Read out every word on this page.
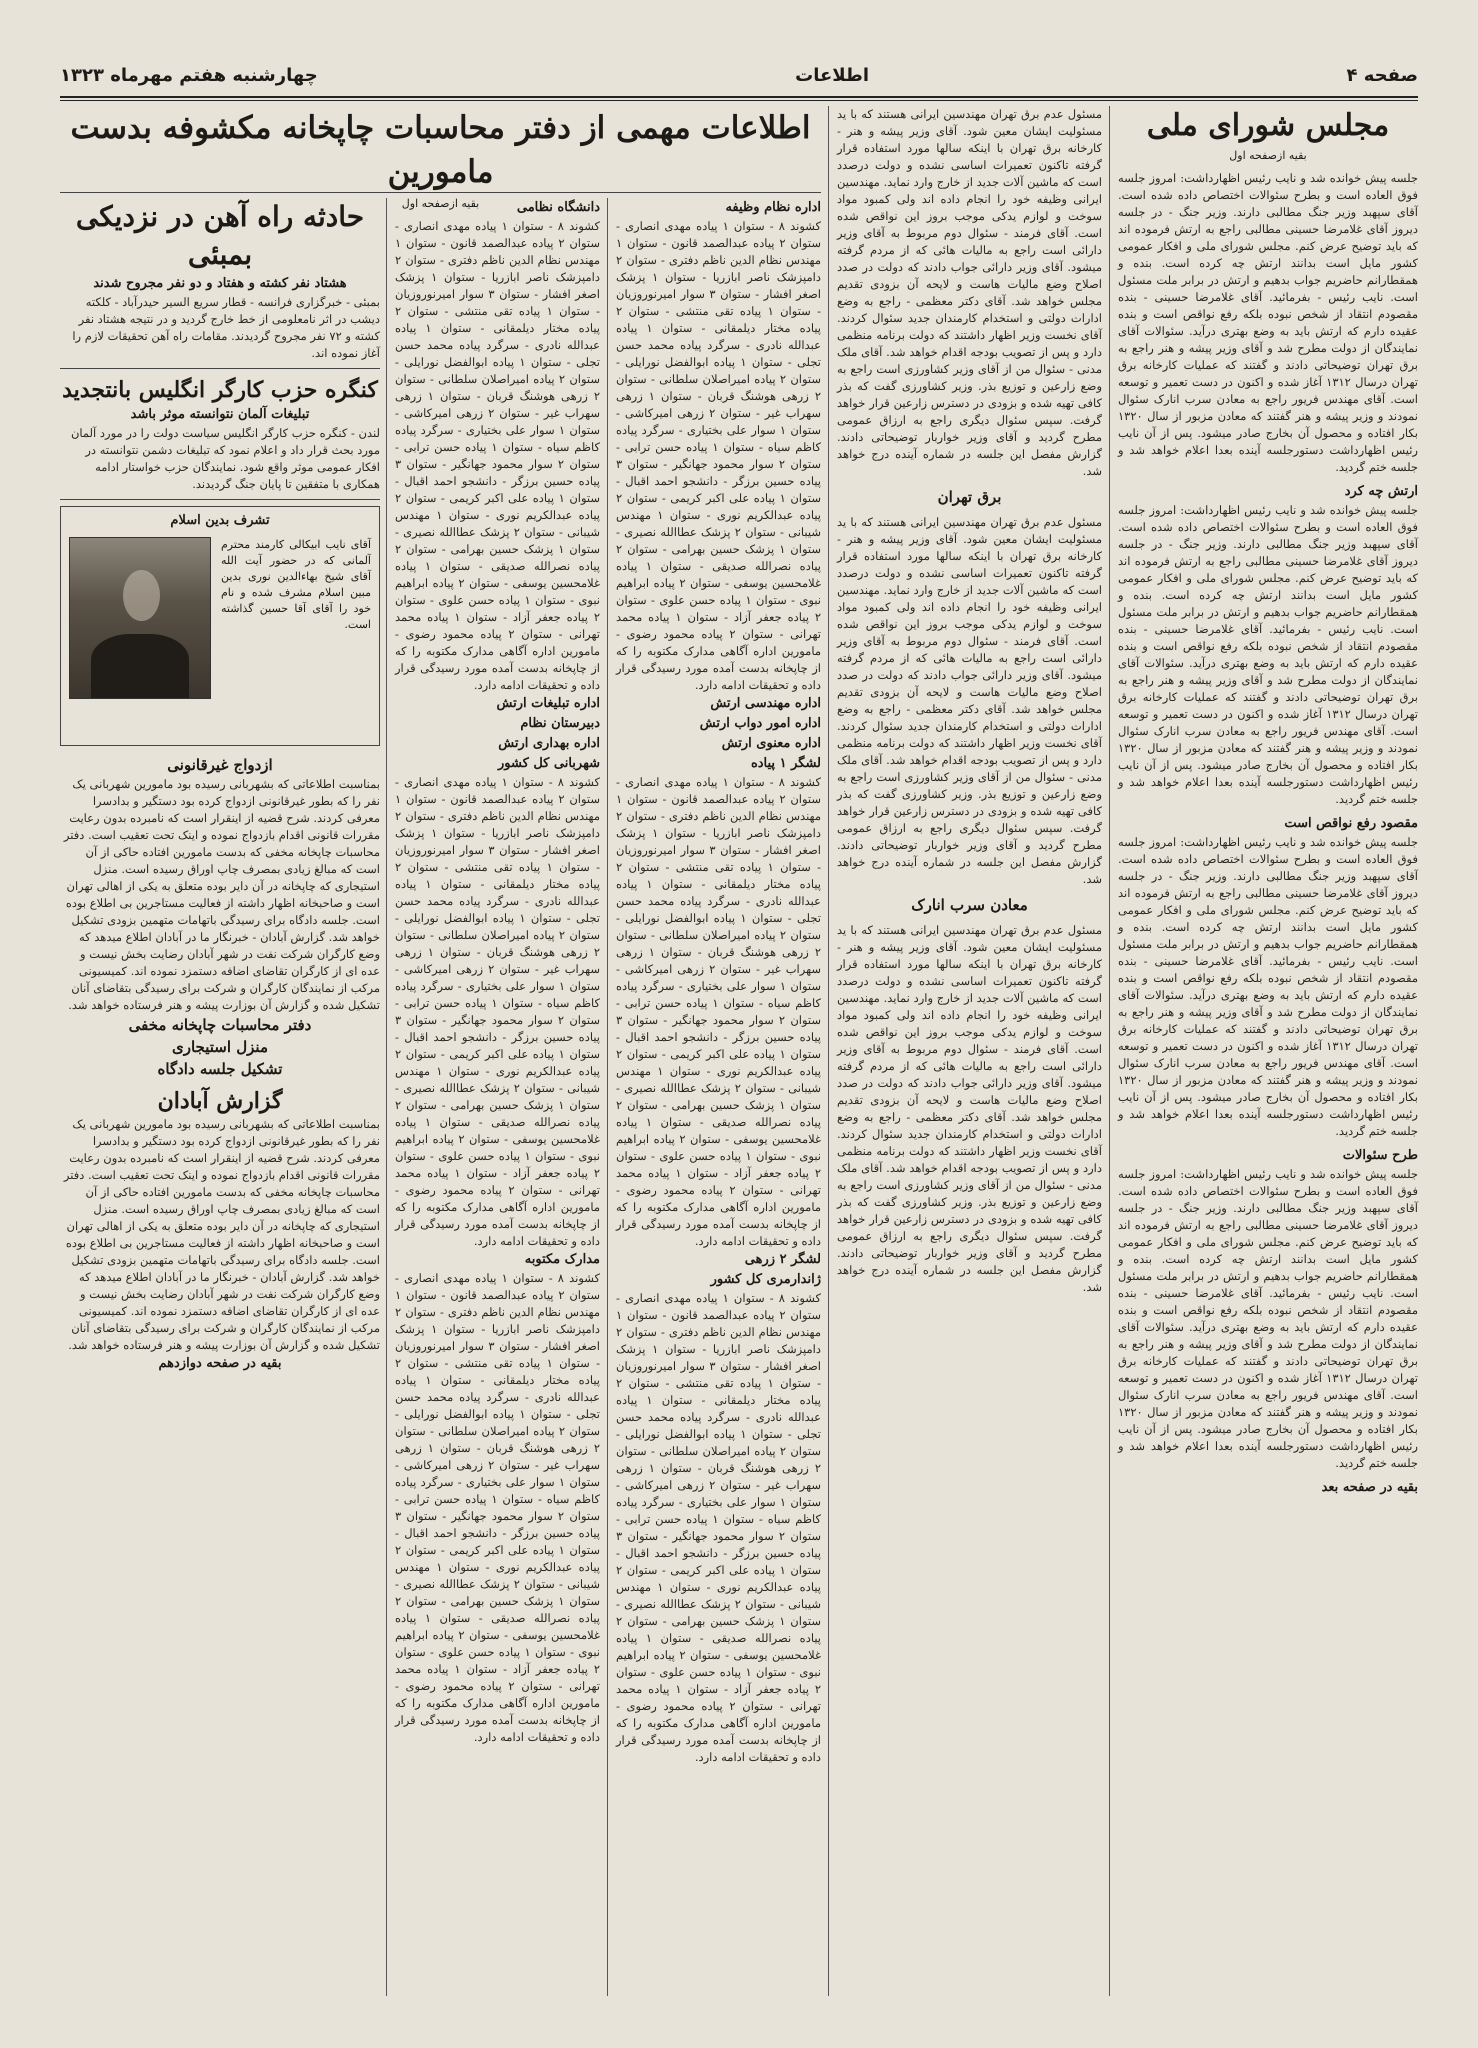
صفحه ۴
اطلاعات
چهارشنبه هفتم مهرماه ۱۳۲۳
مجلس شورای ملی
بقیه ازصفحه اول
جلسه پیش خوانده شد و نایب رئیس اظهارداشت: امروز جلسه فوق العاده است و بطرح سئوالات اختصاص داده شده است. آقای سپهبد وزیر جنگ مطالبی دارند. وزیر جنگ - در جلسه دیروز آقای غلامرضا حسینی مطالبی راجع به ارتش فرموده اند که باید توضیح عرض کنم. مجلس شورای ملی و افکار عمومی کشور مایل است بدانند ارتش چه کرده است. بنده و همقطارانم حاضریم جواب بدهیم و ارتش در برابر ملت مسئول است. نایب رئیس - بفرمائید. آقای غلامرضا حسینی - بنده مقصودم انتقاد از شخص نبوده بلکه رفع نواقص است و بنده عقیده دارم که ارتش باید به وضع بهتری درآید. سئوالات آقای نمایندگان از دولت مطرح شد و آقای وزیر پیشه و هنر راجع به برق تهران توضیحاتی دادند و گفتند که عملیات کارخانه برق تهران درسال ۱۳۱۲ آغاز شده و اکنون در دست تعمیر و توسعه است. آقای مهندس فریور راجع به معادن سرب انارک سئوال نمودند و وزیر پیشه و هنر گفتند که معادن مزبور از سال ۱۳۲۰ بکار افتاده و محصول آن بخارج صادر میشود. پس از آن نایب رئیس اظهارداشت دستورجلسه آینده بعدا اعلام خواهد شد و جلسه ختم گردید.
ارتش چه کرد
جلسه پیش خوانده شد و نایب رئیس اظهارداشت: امروز جلسه فوق العاده است و بطرح سئوالات اختصاص داده شده است. آقای سپهبد وزیر جنگ مطالبی دارند. وزیر جنگ - در جلسه دیروز آقای غلامرضا حسینی مطالبی راجع به ارتش فرموده اند که باید توضیح عرض کنم. مجلس شورای ملی و افکار عمومی کشور مایل است بدانند ارتش چه کرده است. بنده و همقطارانم حاضریم جواب بدهیم و ارتش در برابر ملت مسئول است. نایب رئیس - بفرمائید. آقای غلامرضا حسینی - بنده مقصودم انتقاد از شخص نبوده بلکه رفع نواقص است و بنده عقیده دارم که ارتش باید به وضع بهتری درآید. سئوالات آقای نمایندگان از دولت مطرح شد و آقای وزیر پیشه و هنر راجع به برق تهران توضیحاتی دادند و گفتند که عملیات کارخانه برق تهران درسال ۱۳۱۲ آغاز شده و اکنون در دست تعمیر و توسعه است. آقای مهندس فریور راجع به معادن سرب انارک سئوال نمودند و وزیر پیشه و هنر گفتند که معادن مزبور از سال ۱۳۲۰ بکار افتاده و محصول آن بخارج صادر میشود. پس از آن نایب رئیس اظهارداشت دستورجلسه آینده بعدا اعلام خواهد شد و جلسه ختم گردید.
مقصود رفع نواقص است
جلسه پیش خوانده شد و نایب رئیس اظهارداشت: امروز جلسه فوق العاده است و بطرح سئوالات اختصاص داده شده است. آقای سپهبد وزیر جنگ مطالبی دارند. وزیر جنگ - در جلسه دیروز آقای غلامرضا حسینی مطالبی راجع به ارتش فرموده اند که باید توضیح عرض کنم. مجلس شورای ملی و افکار عمومی کشور مایل است بدانند ارتش چه کرده است. بنده و همقطارانم حاضریم جواب بدهیم و ارتش در برابر ملت مسئول است. نایب رئیس - بفرمائید. آقای غلامرضا حسینی - بنده مقصودم انتقاد از شخص نبوده بلکه رفع نواقص است و بنده عقیده دارم که ارتش باید به وضع بهتری درآید. سئوالات آقای نمایندگان از دولت مطرح شد و آقای وزیر پیشه و هنر راجع به برق تهران توضیحاتی دادند و گفتند که عملیات کارخانه برق تهران درسال ۱۳۱۲ آغاز شده و اکنون در دست تعمیر و توسعه است. آقای مهندس فریور راجع به معادن سرب انارک سئوال نمودند و وزیر پیشه و هنر گفتند که معادن مزبور از سال ۱۳۲۰ بکار افتاده و محصول آن بخارج صادر میشود. پس از آن نایب رئیس اظهارداشت دستورجلسه آینده بعدا اعلام خواهد شد و جلسه ختم گردید.
طرح سئوالات
جلسه پیش خوانده شد و نایب رئیس اظهارداشت: امروز جلسه فوق العاده است و بطرح سئوالات اختصاص داده شده است. آقای سپهبد وزیر جنگ مطالبی دارند. وزیر جنگ - در جلسه دیروز آقای غلامرضا حسینی مطالبی راجع به ارتش فرموده اند که باید توضیح عرض کنم. مجلس شورای ملی و افکار عمومی کشور مایل است بدانند ارتش چه کرده است. بنده و همقطارانم حاضریم جواب بدهیم و ارتش در برابر ملت مسئول است. نایب رئیس - بفرمائید. آقای غلامرضا حسینی - بنده مقصودم انتقاد از شخص نبوده بلکه رفع نواقص است و بنده عقیده دارم که ارتش باید به وضع بهتری درآید. سئوالات آقای نمایندگان از دولت مطرح شد و آقای وزیر پیشه و هنر راجع به برق تهران توضیحاتی دادند و گفتند که عملیات کارخانه برق تهران درسال ۱۳۱۲ آغاز شده و اکنون در دست تعمیر و توسعه است. آقای مهندس فریور راجع به معادن سرب انارک سئوال نمودند و وزیر پیشه و هنر گفتند که معادن مزبور از سال ۱۳۲۰ بکار افتاده و محصول آن بخارج صادر میشود. پس از آن نایب رئیس اظهارداشت دستورجلسه آینده بعدا اعلام خواهد شد و جلسه ختم گردید.
بقیه در صفحه بعد
مسئول عدم برق تهران مهندسین ایرانی هستند که با ید مسئولیت ایشان معین شود. آقای وزیر پیشه و هنر - کارخانه برق تهران با اینکه سالها مورد استفاده قرار گرفته تاکنون تعمیرات اساسی نشده و دولت درصدد است که ماشین آلات جدید از خارج وارد نماید. مهندسین ایرانی وظیفه خود را انجام داده اند ولی کمبود مواد سوخت و لوازم یدکی موجب بروز این نواقص شده است. آقای فرمند - سئوال دوم مربوط به آقای وزیر دارائی است راجع به مالیات هائی که از مردم گرفته میشود. آقای وزیر دارائی جواب دادند که دولت در صدد اصلاح وضع مالیات هاست و لایحه آن بزودی تقدیم مجلس خواهد شد. آقای دکتر معظمی - راجع به وضع ادارات دولتی و استخدام کارمندان جدید سئوال کردند. آقای نخست وزیر اظهار داشتند که دولت برنامه منظمی دارد و پس از تصویب بودجه اقدام خواهد شد. آقای ملک مدنی - سئوال من از آقای وزیر کشاورزی است راجع به وضع زارعین و توزیع بذر. وزیر کشاورزی گفت که بذر کافی تهیه شده و بزودی در دسترس زارعین قرار خواهد گرفت. سپس سئوال دیگری راجع به ارزاق عمومی مطرح گردید و آقای وزیر خواربار توضیحاتی دادند. گزارش مفصل این جلسه در شماره آینده درج خواهد شد.
برق تهران
مسئول عدم برق تهران مهندسین ایرانی هستند که با ید مسئولیت ایشان معین شود. آقای وزیر پیشه و هنر - کارخانه برق تهران با اینکه سالها مورد استفاده قرار گرفته تاکنون تعمیرات اساسی نشده و دولت درصدد است که ماشین آلات جدید از خارج وارد نماید. مهندسین ایرانی وظیفه خود را انجام داده اند ولی کمبود مواد سوخت و لوازم یدکی موجب بروز این نواقص شده است. آقای فرمند - سئوال دوم مربوط به آقای وزیر دارائی است راجع به مالیات هائی که از مردم گرفته میشود. آقای وزیر دارائی جواب دادند که دولت در صدد اصلاح وضع مالیات هاست و لایحه آن بزودی تقدیم مجلس خواهد شد. آقای دکتر معظمی - راجع به وضع ادارات دولتی و استخدام کارمندان جدید سئوال کردند. آقای نخست وزیر اظهار داشتند که دولت برنامه منظمی دارد و پس از تصویب بودجه اقدام خواهد شد. آقای ملک مدنی - سئوال من از آقای وزیر کشاورزی است راجع به وضع زارعین و توزیع بذر. وزیر کشاورزی گفت که بذر کافی تهیه شده و بزودی در دسترس زارعین قرار خواهد گرفت. سپس سئوال دیگری راجع به ارزاق عمومی مطرح گردید و آقای وزیر خواربار توضیحاتی دادند. گزارش مفصل این جلسه در شماره آینده درج خواهد شد.
معادن سرب انارک
مسئول عدم برق تهران مهندسین ایرانی هستند که با ید مسئولیت ایشان معین شود. آقای وزیر پیشه و هنر - کارخانه برق تهران با اینکه سالها مورد استفاده قرار گرفته تاکنون تعمیرات اساسی نشده و دولت درصدد است که ماشین آلات جدید از خارج وارد نماید. مهندسین ایرانی وظیفه خود را انجام داده اند ولی کمبود مواد سوخت و لوازم یدکی موجب بروز این نواقص شده است. آقای فرمند - سئوال دوم مربوط به آقای وزیر دارائی است راجع به مالیات هائی که از مردم گرفته میشود. آقای وزیر دارائی جواب دادند که دولت در صدد اصلاح وضع مالیات هاست و لایحه آن بزودی تقدیم مجلس خواهد شد. آقای دکتر معظمی - راجع به وضع ادارات دولتی و استخدام کارمندان جدید سئوال کردند. آقای نخست وزیر اظهار داشتند که دولت برنامه منظمی دارد و پس از تصویب بودجه اقدام خواهد شد. آقای ملک مدنی - سئوال من از آقای وزیر کشاورزی است راجع به وضع زارعین و توزیع بذر. وزیر کشاورزی گفت که بذر کافی تهیه شده و بزودی در دسترس زارعین قرار خواهد گرفت. سپس سئوال دیگری راجع به ارزاق عمومی مطرح گردید و آقای وزیر خواربار توضیحاتی دادند. گزارش مفصل این جلسه در شماره آینده درج خواهد شد.
اطلاعات مهمی از دفتر محاسبات چاپخانه مکشوفه بدست مامورین
بقیه ازصفحه اول	اداره نظام وظیفه
کشوند ۸ - ستوان ۱ پیاده مهدی انصاری - ستوان ۲ پیاده عبدالصمد قانون - ستوان ۱ مهندس نظام الدین ناظم دفتری - ستوان ۲ دامپزشک ناصر ابازریا - ستوان ۱ پزشک اصغر افشار - ستوان ۳ سوار امیرنوروزیان - ستوان ۱ پیاده تقی منتشی - ستوان ۲ پیاده مختار دیلمقانی - ستوان ۱ پیاده عبدالله نادری - سرگرد پیاده محمد حسن تجلی - ستوان ۱ پیاده ابوالفضل نورایلی - ستوان ۲ پیاده امیراصلان سلطانی - ستوان ۲ زرهی هوشنگ قربان - ستوان ۱ زرهی سهراب غیر - ستوان ۲ زرهی امیرکاشی - ستوان ۱ سوار علی بختیاری - سرگرد پیاده کاظم سیاه - ستوان ۱ پیاده حسن ترابی - ستوان ۲ سوار محمود جهانگیر - ستوان ۳ پیاده حسین برزگر - دانشجو احمد اقبال - ستوان ۱ پیاده علی اکبر کریمی - ستوان ۲ پیاده عبدالکریم نوری - ستوان ۱ مهندس شیبانی - ستوان ۲ پزشک عطاالله نصیری - ستوان ۱ پزشک حسین بهرامی - ستوان ۲ پیاده نصرالله صدیقی - ستوان ۱ پیاده غلامحسین یوسفی - ستوان ۲ پیاده ابراهیم نبوی - ستوان ۱ پیاده حسن علوی - ستوان ۲ پیاده جعفر آزاد - ستوان ۱ پیاده محمد تهرانی - ستوان ۲ پیاده محمود رضوی - مامورین اداره آگاهی مدارک مکتوبه را که از چاپخانه بدست آمده مورد رسیدگی قرار داده و تحقیقات ادامه دارد.
اداره مهندسی ارتش
اداره امور دواب ارتش
اداره معنوی ارتش
لشگر ۱ پیاده
کشوند ۸ - ستوان ۱ پیاده مهدی انصاری - ستوان ۲ پیاده عبدالصمد قانون - ستوان ۱ مهندس نظام الدین ناظم دفتری - ستوان ۲ دامپزشک ناصر ابازریا - ستوان ۱ پزشک اصغر افشار - ستوان ۳ سوار امیرنوروزیان - ستوان ۱ پیاده تقی منتشی - ستوان ۲ پیاده مختار دیلمقانی - ستوان ۱ پیاده عبدالله نادری - سرگرد پیاده محمد حسن تجلی - ستوان ۱ پیاده ابوالفضل نورایلی - ستوان ۲ پیاده امیراصلان سلطانی - ستوان ۲ زرهی هوشنگ قربان - ستوان ۱ زرهی سهراب غیر - ستوان ۲ زرهی امیرکاشی - ستوان ۱ سوار علی بختیاری - سرگرد پیاده کاظم سیاه - ستوان ۱ پیاده حسن ترابی - ستوان ۲ سوار محمود جهانگیر - ستوان ۳ پیاده حسین برزگر - دانشجو احمد اقبال - ستوان ۱ پیاده علی اکبر کریمی - ستوان ۲ پیاده عبدالکریم نوری - ستوان ۱ مهندس شیبانی - ستوان ۲ پزشک عطاالله نصیری - ستوان ۱ پزشک حسین بهرامی - ستوان ۲ پیاده نصرالله صدیقی - ستوان ۱ پیاده غلامحسین یوسفی - ستوان ۲ پیاده ابراهیم نبوی - ستوان ۱ پیاده حسن علوی - ستوان ۲ پیاده جعفر آزاد - ستوان ۱ پیاده محمد تهرانی - ستوان ۲ پیاده محمود رضوی - مامورین اداره آگاهی مدارک مکتوبه را که از چاپخانه بدست آمده مورد رسیدگی قرار داده و تحقیقات ادامه دارد.
لشگر ۲ زرهی
ژاندارمری کل کشور
کشوند ۸ - ستوان ۱ پیاده مهدی انصاری - ستوان ۲ پیاده عبدالصمد قانون - ستوان ۱ مهندس نظام الدین ناظم دفتری - ستوان ۲ دامپزشک ناصر ابازریا - ستوان ۱ پزشک اصغر افشار - ستوان ۳ سوار امیرنوروزیان - ستوان ۱ پیاده تقی منتشی - ستوان ۲ پیاده مختار دیلمقانی - ستوان ۱ پیاده عبدالله نادری - سرگرد پیاده محمد حسن تجلی - ستوان ۱ پیاده ابوالفضل نورایلی - ستوان ۲ پیاده امیراصلان سلطانی - ستوان ۲ زرهی هوشنگ قربان - ستوان ۱ زرهی سهراب غیر - ستوان ۲ زرهی امیرکاشی - ستوان ۱ سوار علی بختیاری - سرگرد پیاده کاظم سیاه - ستوان ۱ پیاده حسن ترابی - ستوان ۲ سوار محمود جهانگیر - ستوان ۳ پیاده حسین برزگر - دانشجو احمد اقبال - ستوان ۱ پیاده علی اکبر کریمی - ستوان ۲ پیاده عبدالکریم نوری - ستوان ۱ مهندس شیبانی - ستوان ۲ پزشک عطاالله نصیری - ستوان ۱ پزشک حسین بهرامی - ستوان ۲ پیاده نصرالله صدیقی - ستوان ۱ پیاده غلامحسین یوسفی - ستوان ۲ پیاده ابراهیم نبوی - ستوان ۱ پیاده حسن علوی - ستوان ۲ پیاده جعفر آزاد - ستوان ۱ پیاده محمد تهرانی - ستوان ۲ پیاده محمود رضوی - مامورین اداره آگاهی مدارک مکتوبه را که از چاپخانه بدست آمده مورد رسیدگی قرار داده و تحقیقات ادامه دارد.
دانشگاه نظامی
کشوند ۸ - ستوان ۱ پیاده مهدی انصاری - ستوان ۲ پیاده عبدالصمد قانون - ستوان ۱ مهندس نظام الدین ناظم دفتری - ستوان ۲ دامپزشک ناصر ابازریا - ستوان ۱ پزشک اصغر افشار - ستوان ۳ سوار امیرنوروزیان - ستوان ۱ پیاده تقی منتشی - ستوان ۲ پیاده مختار دیلمقانی - ستوان ۱ پیاده عبدالله نادری - سرگرد پیاده محمد حسن تجلی - ستوان ۱ پیاده ابوالفضل نورایلی - ستوان ۲ پیاده امیراصلان سلطانی - ستوان ۲ زرهی هوشنگ قربان - ستوان ۱ زرهی سهراب غیر - ستوان ۲ زرهی امیرکاشی - ستوان ۱ سوار علی بختیاری - سرگرد پیاده کاظم سیاه - ستوان ۱ پیاده حسن ترابی - ستوان ۲ سوار محمود جهانگیر - ستوان ۳ پیاده حسین برزگر - دانشجو احمد اقبال - ستوان ۱ پیاده علی اکبر کریمی - ستوان ۲ پیاده عبدالکریم نوری - ستوان ۱ مهندس شیبانی - ستوان ۲ پزشک عطاالله نصیری - ستوان ۱ پزشک حسین بهرامی - ستوان ۲ پیاده نصرالله صدیقی - ستوان ۱ پیاده غلامحسین یوسفی - ستوان ۲ پیاده ابراهیم نبوی - ستوان ۱ پیاده حسن علوی - ستوان ۲ پیاده جعفر آزاد - ستوان ۱ پیاده محمد تهرانی - ستوان ۲ پیاده محمود رضوی - مامورین اداره آگاهی مدارک مکتوبه را که از چاپخانه بدست آمده مورد رسیدگی قرار داده و تحقیقات ادامه دارد.
اداره تبلیغات ارتش
دبیرستان نظام
اداره بهداری ارتش
شهربانی کل کشور
کشوند ۸ - ستوان ۱ پیاده مهدی انصاری - ستوان ۲ پیاده عبدالصمد قانون - ستوان ۱ مهندس نظام الدین ناظم دفتری - ستوان ۲ دامپزشک ناصر ابازریا - ستوان ۱ پزشک اصغر افشار - ستوان ۳ سوار امیرنوروزیان - ستوان ۱ پیاده تقی منتشی - ستوان ۲ پیاده مختار دیلمقانی - ستوان ۱ پیاده عبدالله نادری - سرگرد پیاده محمد حسن تجلی - ستوان ۱ پیاده ابوالفضل نورایلی - ستوان ۲ پیاده امیراصلان سلطانی - ستوان ۲ زرهی هوشنگ قربان - ستوان ۱ زرهی سهراب غیر - ستوان ۲ زرهی امیرکاشی - ستوان ۱ سوار علی بختیاری - سرگرد پیاده کاظم سیاه - ستوان ۱ پیاده حسن ترابی - ستوان ۲ سوار محمود جهانگیر - ستوان ۳ پیاده حسین برزگر - دانشجو احمد اقبال - ستوان ۱ پیاده علی اکبر کریمی - ستوان ۲ پیاده عبدالکریم نوری - ستوان ۱ مهندس شیبانی - ستوان ۲ پزشک عطاالله نصیری - ستوان ۱ پزشک حسین بهرامی - ستوان ۲ پیاده نصرالله صدیقی - ستوان ۱ پیاده غلامحسین یوسفی - ستوان ۲ پیاده ابراهیم نبوی - ستوان ۱ پیاده حسن علوی - ستوان ۲ پیاده جعفر آزاد - ستوان ۱ پیاده محمد تهرانی - ستوان ۲ پیاده محمود رضوی - مامورین اداره آگاهی مدارک مکتوبه را که از چاپخانه بدست آمده مورد رسیدگی قرار داده و تحقیقات ادامه دارد.
مدارک مکتوبه
کشوند ۸ - ستوان ۱ پیاده مهدی انصاری - ستوان ۲ پیاده عبدالصمد قانون - ستوان ۱ مهندس نظام الدین ناظم دفتری - ستوان ۲ دامپزشک ناصر ابازریا - ستوان ۱ پزشک اصغر افشار - ستوان ۳ سوار امیرنوروزیان - ستوان ۱ پیاده تقی منتشی - ستوان ۲ پیاده مختار دیلمقانی - ستوان ۱ پیاده عبدالله نادری - سرگرد پیاده محمد حسن تجلی - ستوان ۱ پیاده ابوالفضل نورایلی - ستوان ۲ پیاده امیراصلان سلطانی - ستوان ۲ زرهی هوشنگ قربان - ستوان ۱ زرهی سهراب غیر - ستوان ۲ زرهی امیرکاشی - ستوان ۱ سوار علی بختیاری - سرگرد پیاده کاظم سیاه - ستوان ۱ پیاده حسن ترابی - ستوان ۲ سوار محمود جهانگیر - ستوان ۳ پیاده حسین برزگر - دانشجو احمد اقبال - ستوان ۱ پیاده علی اکبر کریمی - ستوان ۲ پیاده عبدالکریم نوری - ستوان ۱ مهندس شیبانی - ستوان ۲ پزشک عطاالله نصیری - ستوان ۱ پزشک حسین بهرامی - ستوان ۲ پیاده نصرالله صدیقی - ستوان ۱ پیاده غلامحسین یوسفی - ستوان ۲ پیاده ابراهیم نبوی - ستوان ۱ پیاده حسن علوی - ستوان ۲ پیاده جعفر آزاد - ستوان ۱ پیاده محمد تهرانی - ستوان ۲ پیاده محمود رضوی - مامورین اداره آگاهی مدارک مکتوبه را که از چاپخانه بدست آمده مورد رسیدگی قرار داده و تحقیقات ادامه دارد.
حادثه راه آهن در نزدیکی بمبئی
هشتاد نفر کشته و هفتاد و دو نفر مجروح شدند
بمبئی - خبرگزاری فرانسه - قطار سریع السیر حیدرآباد - کلکته دیشب در اثر نامعلومی از خط خارج گردید و در نتیجه هشتاد نفر کشته و ۷۲ نفر مجروح گردیدند. مقامات راه آهن تحقیقات لازم را آغاز نموده اند.
کنگره حزب کارگر انگلیس بانتجدید
تبلیغات آلمان نتوانسته موثر باشد
لندن - کنگره حزب کارگر انگلیس سیاست دولت را در مورد آلمان مورد بحث قرار داد و اعلام نمود که تبلیغات دشمن نتوانسته در افکار عمومی موثر واقع شود. نمایندگان حزب خواستار ادامه همکاری با متفقین تا پایان جنگ گردیدند.
تشرف بدین اسلام
آقای نایب ابیکالی کارمند محترم آلمانی که در حضور آیت الله آقای شیخ بهاءالدین نوری بدین مبین اسلام مشرف شده و نام خود را آقای آقا حسین گذاشته است.
ازدواج غیرقانونی
بمناسبت اطلاعاتی که بشهربانی رسیده بود مامورین شهربانی یک نفر را که بطور غیرقانونی ازدواج کرده بود دستگیر و بدادسرا معرفی کردند. شرح قضیه از اینقرار است که نامبرده بدون رعایت مقررات قانونی اقدام بازدواج نموده و اینک تحت تعقیب است. دفتر محاسبات چاپخانه مخفی که بدست مامورین افتاده حاکی از آن است که مبالغ زیادی بمصرف چاپ اوراق رسیده است. منزل استیجاری که چاپخانه در آن دایر بوده متعلق به یکی از اهالی تهران است و صاحبخانه اظهار داشته از فعالیت مستاجرین بی اطلاع بوده است. جلسه دادگاه برای رسیدگی باتهامات متهمین بزودی تشکیل خواهد شد. گزارش آبادان - خبرنگار ما در آبادان اطلاع میدهد که وضع کارگران شرکت نفت در شهر آبادان رضایت بخش نیست و عده ای از کارگران تقاضای اضافه دستمزد نموده اند. کمیسیونی مرکب از نمایندگان کارگران و شرکت برای رسیدگی بتقاضای آنان تشکیل شده و گزارش آن بوزارت پیشه و هنر فرستاده خواهد شد.
دفتر محاسبات چاپخانه مخفی
منزل استیجاری
تشکیل جلسه دادگاه
گزارش آبادان
بمناسبت اطلاعاتی که بشهربانی رسیده بود مامورین شهربانی یک نفر را که بطور غیرقانونی ازدواج کرده بود دستگیر و بدادسرا معرفی کردند. شرح قضیه از اینقرار است که نامبرده بدون رعایت مقررات قانونی اقدام بازدواج نموده و اینک تحت تعقیب است. دفتر محاسبات چاپخانه مخفی که بدست مامورین افتاده حاکی از آن است که مبالغ زیادی بمصرف چاپ اوراق رسیده است. منزل استیجاری که چاپخانه در آن دایر بوده متعلق به یکی از اهالی تهران است و صاحبخانه اظهار داشته از فعالیت مستاجرین بی اطلاع بوده است. جلسه دادگاه برای رسیدگی باتهامات متهمین بزودی تشکیل خواهد شد. گزارش آبادان - خبرنگار ما در آبادان اطلاع میدهد که وضع کارگران شرکت نفت در شهر آبادان رضایت بخش نیست و عده ای از کارگران تقاضای اضافه دستمزد نموده اند. کمیسیونی مرکب از نمایندگان کارگران و شرکت برای رسیدگی بتقاضای آنان تشکیل شده و گزارش آن بوزارت پیشه و هنر فرستاده خواهد شد.
بقیه در صفحه دوازدهم
